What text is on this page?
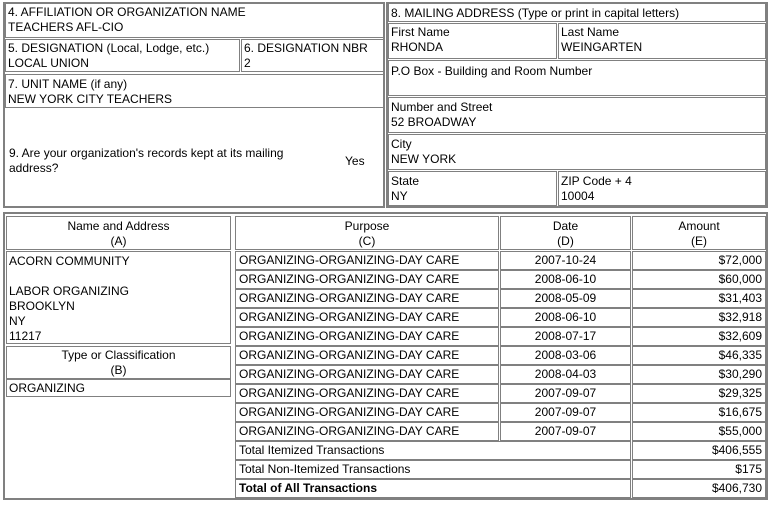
4. AFFILIATION OR ORGANIZATION NAME
TEACHERS AFL-CIO
5. DESIGNATION (Local, Lodge, etc.)
LOCAL UNION
6. DESIGNATION NBR
2
7. UNIT NAME (if any)
NEW YORK CITY TEACHERS
9. Are your organization's records kept at its mailing
address?	Yes
8. MAILING ADDRESS (Type or print in capital letters)
First Name
RHONDA
Last Name
WEINGARTEN
P.O Box - Building and Room Number
Number and Street
52 BROADWAY
City
NEW YORK
State
NY
ZIP Code + 4
10004
Name and Address
(A)
ACORN COMMUNITY
LABOR ORGANIZING
BROOKLYN
NY
11217
Type or Classification
(B)
ORGANIZING
Purpose
(C)
Date
(D)
Amount
(E)
ORGANIZING-ORGANIZING-DAY CARE	2007-10-24	$72,000
ORGANIZING-ORGANIZING-DAY CARE	2008-06-10	$60,000
ORGANIZING-ORGANIZING-DAY CARE	2008-05-09	$31,403
ORGANIZING-ORGANIZING-DAY CARE	2008-06-10	$32,918
ORGANIZING-ORGANIZING-DAY CARE	2008-07-17	$32,609
ORGANIZING-ORGANIZING-DAY CARE	2008-03-06	$46,335
ORGANIZING-ORGANIZING-DAY CARE	2008-04-03	$30,290
ORGANIZING-ORGANIZING-DAY CARE	2007-09-07	$29,325
ORGANIZING-ORGANIZING-DAY CARE	2007-09-07	$16,675
ORGANIZING-ORGANIZING-DAY CARE	2007-09-07	$55,000
Total Itemized Transactions	$406,555
Total Non-Itemized Transactions	$175
Total of All Transactions	$406,730
